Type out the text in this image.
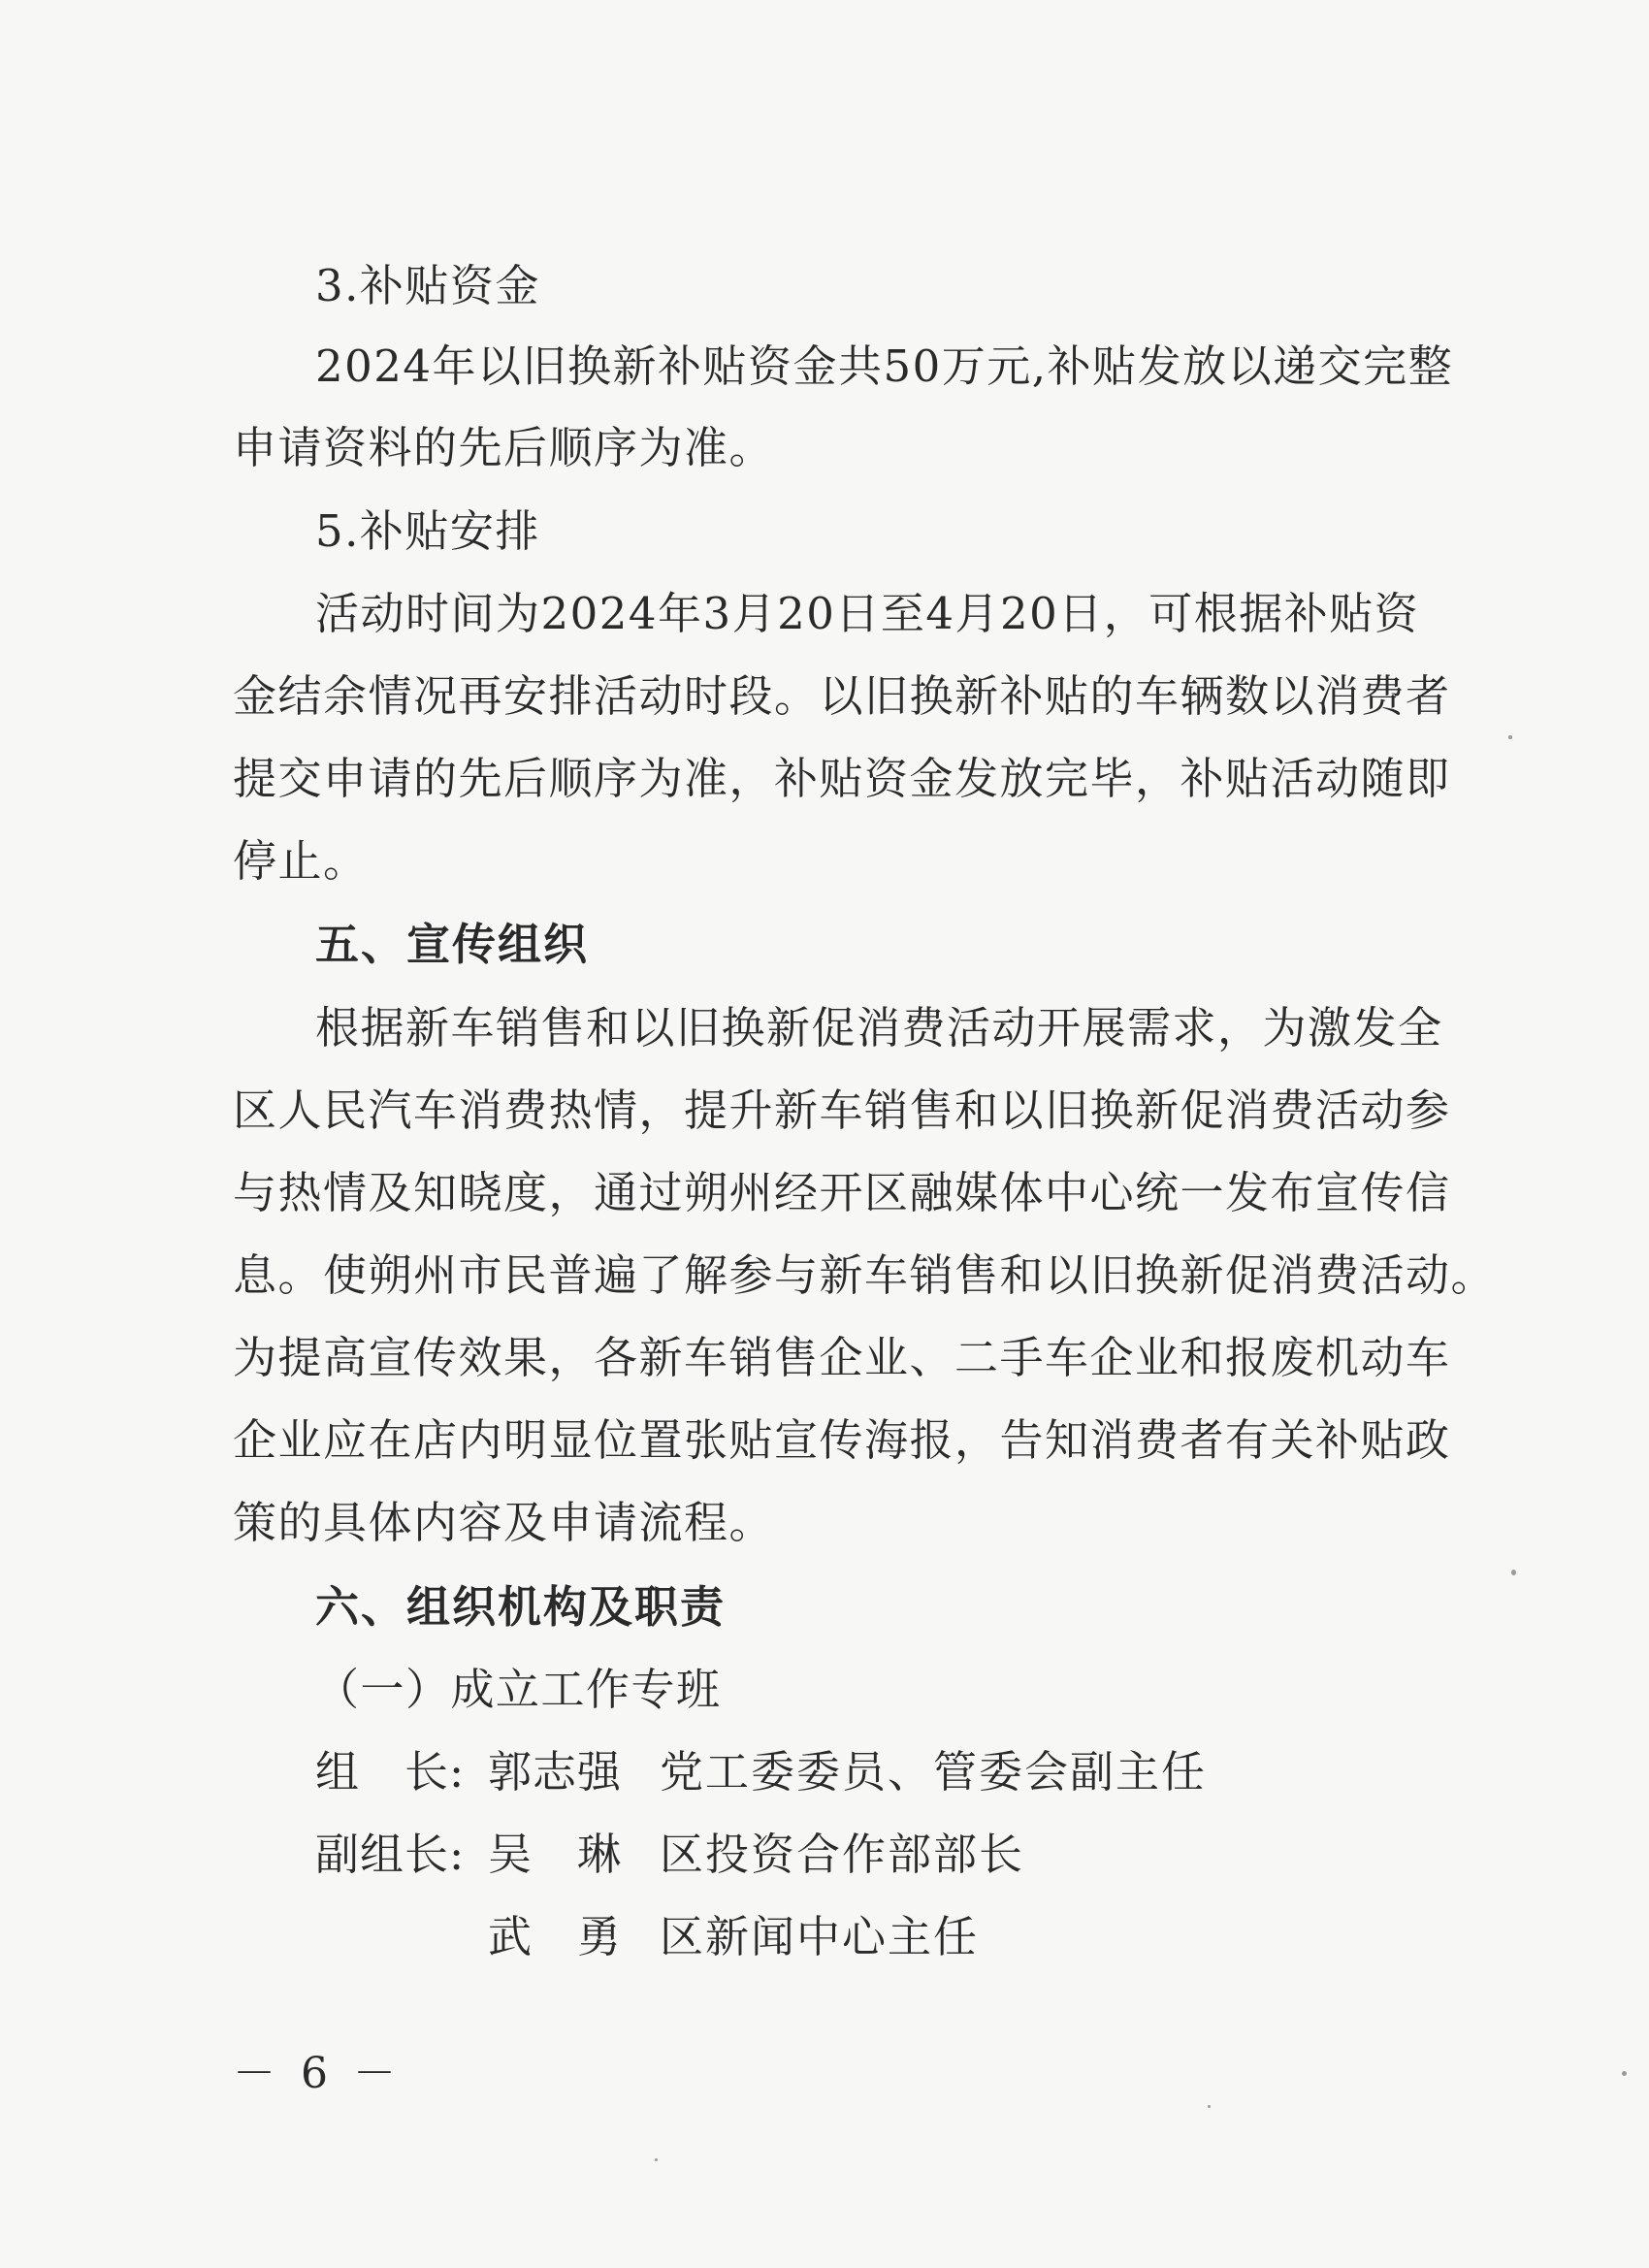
3.补贴资金
2024年以旧换新补贴资金共50万元,补贴发放以递交完整
申请资料的先后顺序为准。
5.补贴安排
活动时间为2024年3月20日至4月20日，可根据补贴资
金结余情况再安排活动时段。以旧换新补贴的车辆数以消费者
提交申请的先后顺序为准，补贴资金发放完毕，补贴活动随即
停止。
五、宣传组织
根据新车销售和以旧换新促消费活动开展需求，为激发全
区人民汽车消费热情，提升新车销售和以旧换新促消费活动参
与热情及知晓度，通过朔州经开区融媒体中心统一发布宣传信
息。使朔州市民普遍了解参与新车销售和以旧换新促消费活动。
为提高宣传效果，各新车销售企业、二手车企业和报废机动车
企业应在店内明显位置张贴宣传海报，告知消费者有关补贴政
策的具体内容及申请流程。
六、组织机构及职责
（一）成立工作专班
组　长: 郭志强 党工委委员、管委会副主任
副组长: 吴　琳 区投资合作部部长
武　勇 区新闻中心主任
－ 6 －
